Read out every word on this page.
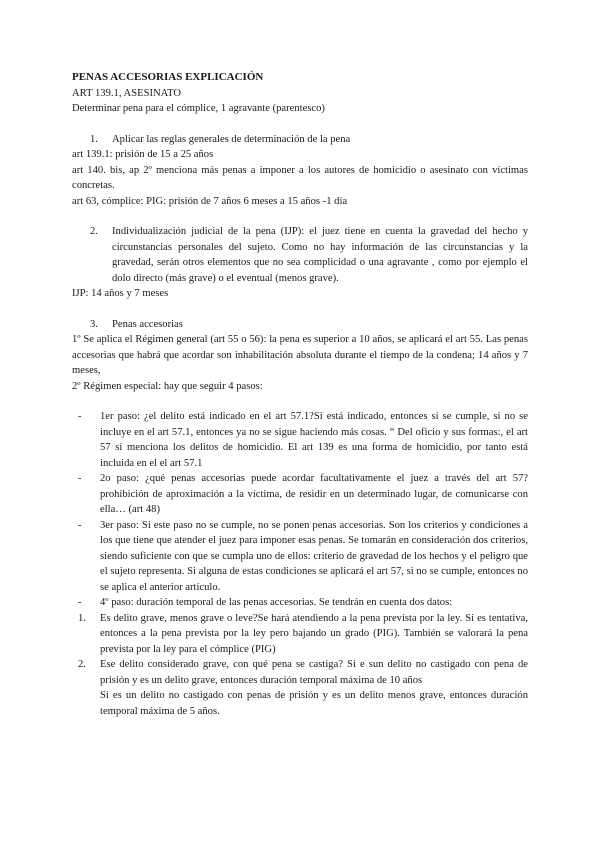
PENAS ACCESORIAS EXPLICACIÓN

ART 139.1, ASESINATO

Determinar pena para el cómplice, 1 agravante (parentesco)

1.	Aplicar las reglas generales de determinación de la pena

art 139.1: prisión de 15 a 25 años

art 140. bis, ap 2º menciona más penas a imponer a los autores de homicidio o asesinato con víctimas concretas.

art 63, cómplice: PIG: prisión de 7 años 6 meses a 15 años -1 día

2.	Individualización judicial de la pena (IJP): el juez tiene en cuenta la gravedad del hecho y circunstancias personales del sujeto. Como no hay información de las circunstancias y la gravedad, serán otros elementos que no sea complicidad o una agravante , como por ejemplo el dolo directo (más grave) o el eventual (menos grave).

IJP: 14 años y 7 meses

3.	Penas accesorias

1º Se aplica el Régimen general (art 55 o 56): la pena es superior a 10 años, se aplicará el art 55. Las penas accesorias que habrá que acordar son inhabilitación absoluta durante el tiempo de la condena; 14 años y 7 meses,

2º Régimen especial: hay que seguir 4 pasos:

-	1er paso: ¿el delito está indicado en el art 57.1?Si está indicado, entonces sí se cumple, si no se incluye en el art 57.1, entonces ya no se sigue haciendo más cosas. “ Del oficio y sus formas:, el art 57 sí menciona los delitos de homicidio. El art 139 es una forma de homicidio, por tanto está incluida en el el art 57.1
-	2o paso: ¿qué penas accesorias puede acordar facultativamente el juez a través del art 57? prohibición de aproximación a la víctima, de residir en un determinado lugar, de comunicarse con ella… (art 48)
-	3er paso: Si este paso no se cumple, no se ponen penas accesorias. Son los criterios y condiciones a los que tiene que atender el juez para imponer esas penas. Se tomarán en consideración dos criterios, siendo suficiente con que se cumpla uno de ellos: criterio de gravedad de los hechos y el peligro que el sujeto representa. Si alguna de estas condiciones se aplicará el art 57, si no se cumple, entonces no se aplica el anterior artículo.
-	4º paso: duración temporal de las penas accesorias. Se tendrán en cuenta dos datos:
1.	Es delito grave, menos grave o leve?Se hará atendiendo a la pena prevista por la ley. Si es tentativa, entonces a la pena prevista por la ley pero bajando un grado (PIG). También se valorará la pena prevista por la ley para el cómplice (PIG)
2.	Ese delito considerado grave, con qué pena se castiga? Si e sun delito no castigado con pena de prisión y es un delito grave, entonces duración temporal máxima de 10 años

Si es un delito no castigado con penas de prisión y es un delito menos grave, entonces duración temporal máxima de 5 años.
